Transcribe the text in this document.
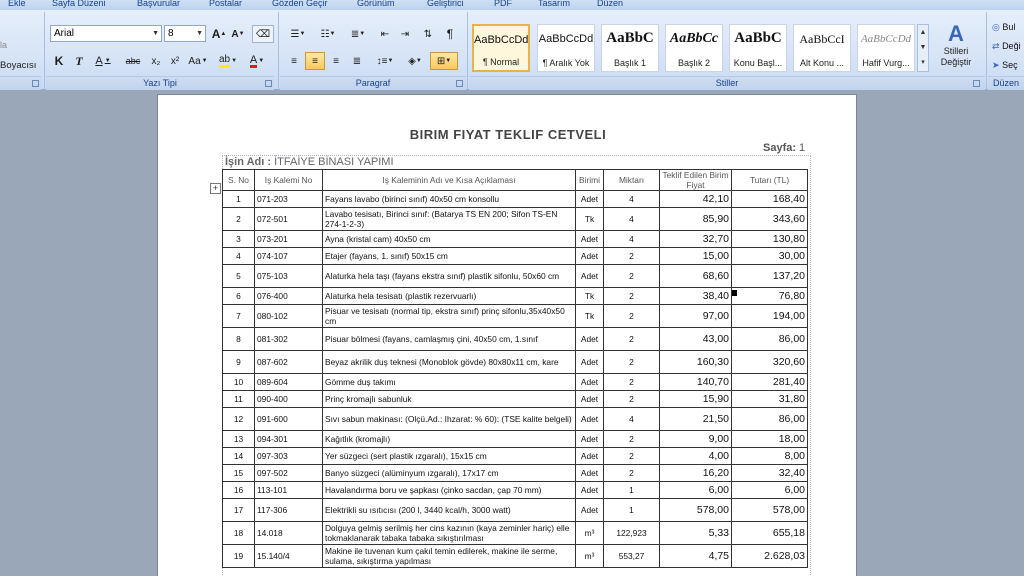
Ekle	Sayfa Düzeni	Başvurular	Postalar	Gözden Geçir	Görünüm	Geliştirici	PDF	Tasarım	Düzen
la
Boyacısı
Arial	▼ 8	▼ A ▲ A ▼ ⌫
K	T	A ▼	abc	x₂	x² Aa ▼ ab ▼ A ▼
Yazı Tipi
☰ ▼ ☷ ▼ ≣ ▼ ⇤ ⇥ ⇅	¶
≡ ≡ ≡ ≣ ↕≡ ▼ ◈ ▼ ⊞ ▼
Paragraf
AaBbCcDd
¶ Normal
AaBbCcDd
¶ Aralık Yok
AaBbC
Başlık 1
AaBbCc
Başlık 2
AaBbC
Konu Başl...
AaBbCcI
Alt Konu ...
AaBbCcDd
Hafif Vurg...
▲
▼
▾
A
Stilleri Değiştir
Stiller
◎ Bul
⇄ Deği
➤ Seç
Düzen
BIRIM FIYAT TEKLIF CETVELI
Sayfa: 1
İşin Adı : İTFAİYE BİNASI YAPIMI
+
S. No	Iş Kalemi No	Iş Kaleminin Adı ve Kısa Açıklaması	Birimi	Miktarı	Teklif Edilen Birim Fiyat	Tutarı (TL)
1	071-203	Fayans lavabo (birinci sınıf) 40x50 cm konsollu	Adet	4	42,10	168,40
2	072-501	Lavabo tesisatı, Birinci sınıf: (Batarya TS EN 200; Sifon TS-EN 274-1-2-3)	Tk	4	85,90	343,60
3	073-201	Ayna (kristal cam) 40x50 cm	Adet	4	32,70	130,80
4	074-107	Etajer (fayans, 1. sınıf) 50x15 cm	Adet	2	15,00	30,00
5	075-103	Alaturka hela taşı (fayans ekstra sınıf) plastik sifonlu, 50x60 cm	Adet	2	68,60	137,20
6	076-400	Alaturka hela tesisatı (plastik rezervuarlı)	Tk	2	38,40	76,80
7	080-102	Pisuar ve tesisatı (normal tip, ekstra sınıf) prinç sifonlu,35x40x50 cm	Tk	2	97,00	194,00
8	081-302	Pisuar bölmesi (fayans, camlaşmış çini, 40x50 cm, 1.sınıf	Adet	2	43,00	86,00
9	087-602	Beyaz akrilik duş teknesi (Monoblok gövde) 80x80x11 cm, kare	Adet	2	160,30	320,60
10	089-604	Gömme duş takımı	Adet	2	140,70	281,40
11	090-400	Prinç kromajlı sabunluk	Adet	2	15,90	31,80
12	091-600	Sıvı sabun makinası: (Olçü.Ad.: Ihzarat: % 60): (TSE kalite belgeli)	Adet	4	21,50	86,00
13	094-301	Kağıtlık (kromajlı)	Adet	2	9,00	18,00
14	097-303	Yer süzgeci (sert plastik ızgaralı), 15x15 cm	Adet	2	4,00	8,00
15	097-502	Banyo süzgeci (alüminyum ızgaralı), 17x17 cm	Adet	2	16,20	32,40
16	113-101	Havalandırma boru ve şapkası (çinko sacdan, çap 70 mm)	Adet	1	6,00	6,00
17	117-306	Elektrikli su ısıtıcısı (200 l, 3440 kcal/h, 3000 watt)	Adet	1	578,00	578,00
18	14.018	Dolguya gelmiş serilmiş her cins kazının (kaya zeminler hariç) elle tokmaklanarak tabaka tabaka sıkıştırılması	m³	122,923	5,33	655,18
19	15.140/4	Makine ile tuvenan kum çakıl temin edilerek, makine ile serme, sulama, sıkıştırma yapılması	m³	553,27	4,75	2.628,03
